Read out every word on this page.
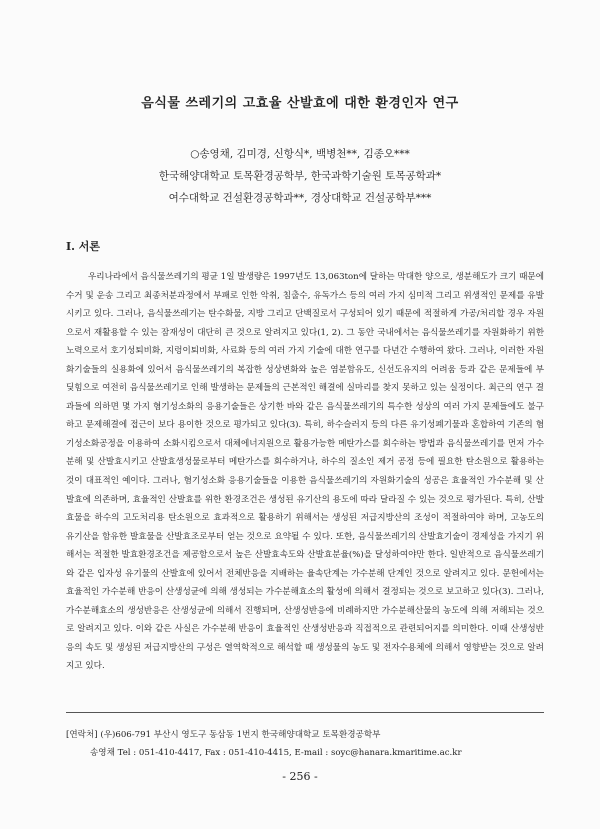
음식물 쓰레기의 고효율 산발효에 대한 환경인자 연구
○송영채, 김미경, 신항식*, 백병천**, 김종오***
한국해양대학교 토목환경공학부, 한국과학기술원 토목공학과*
여수대학교 건설환경공학과**, 경상대학교 건설공학부***
I. 서론

우리나라에서 음식물쓰레기의 평균 1일 발생량은 1997년도 13,063ton에 달하는 막대한 양으로, 생분해도가 크기 때문에 수거 및 운송 그리고 최종처분과정에서 부패로 인한 악취, 침출수, 유독가스 등의 여러 가지 심미적 그리고 위생적인 문제를 유발시키고 있다. 그러나, 음식물쓰레기는 탄수화물, 지방 그리고 단백질로서 구성되어 있기 때문에 적절하게 가공/처리할 경우 자원으로서 재활용할 수 있는 잠재성이 대단히 큰 것으로 알려지고 있다(1, 2). 그 동안 국내에서는 음식물쓰레기를 자원화하기 위한 노력으로서 호기성퇴비화, 지렁이퇴비화, 사료화 등의 여러 가지 기술에 대한 연구를 다년간 수행하여 왔다. 그러나, 이러한 자원화기술들의 실용화에 있어서 음식물쓰레기의 복잡한 성상변화와 높은 염분함유도, 신선도유지의 어려움 등과 같은 문제들에 부딪힘으로 여전히 음식물쓰레기로 인해 발생하는 문제들의 근본적인 해결에 실마리를 찾지 못하고 있는 실정이다. 최근의 연구 결과들에 의하면 몇 가지 혐기성소화의 응용기술들은 상기한 바와 같은 음식물쓰레기의 특수한 성상의 여러 가지 문제들에도 불구하고 문제해결에 접근이 보다 용이한 것으로 평가되고 있다(3). 특히, 하수슬러지 등의 다른 유기성폐기물과 혼합하여 기존의 혐기성소화공정을 이용하여 소화시킴으로서 대체에너지원으로 활용가능한 메탄가스를 회수하는 방법과 음식물쓰레기를 먼저 가수분해 및 산발효시키고 산발효생성물로부터 메탄가스를 회수하거나, 하수의 질소인 제거 공정 등에 필요한 탄소원으로 활용하는 것이 대표적인 예이다. 그러나, 혐기성소화 응용기술들을 이용한 음식물쓰레기의 자원화기술의 성공은 효율적인 가수분해 및 산발효에 의존하며, 효율적인 산발효를 위한 환경조건은 생성된 유기산의 용도에 따라 달라질 수 있는 것으로 평가된다. 특히, 산발효물을 하수의 고도처리용 탄소원으로 효과적으로 활용하기 위해서는 생성된 저급지방산의 조성이 적절하여야 하며, 고농도의 유기산을 함유한 발효물을 산발효조로부터 얻는 것으로 요약될 수 있다. 또한, 음식물쓰레기의 산발효기술이 경제성을 가지기 위해서는 적절한 발효환경조건을 제공함으로서 높은 산발효속도와 산발효분율(%)을 달성하여야만 한다. 일반적으로 음식물쓰레기와 같은 입자성 유기물의 산발효에 있어서 전체반응을 지배하는 율속단계는 가수분해 단계인 것으로 알려지고 있다. 문헌에서는 효율적인 가수분해 반응이 산생성균에 의해 생성되는 가수분해효소의 활성에 의해서 결정되는 것으로 보고하고 있다(3). 그러나, 가수분해효소의 생성반응은 산생성균에 의해서 진행되며, 산생성반응에 비례하지만 가수분해산물의 농도에 의해 저해되는 것으로 알려지고 있다. 이와 같은 사실은 가수분해 반응이 효율적인 산생성반응과 직접적으로 관련되어지를 의미한다. 이때 산생성반응의 속도 및 생성된 저급지방산의 구성은 열역학적으로 해석할 때 생성물의 농도 및 전자수용체에 의해서 영향받는 것으로 알려지고 있다.

[연락처] (우)606-791 부산시 영도구 동삼동 1번지 한국해양대학교 토목환경공학부
송영채 Tel : 051-410-4417, Fax : 051-410-4415, E-mail : soyc@hanara.kmaritime.ac.kr
- 256 -
